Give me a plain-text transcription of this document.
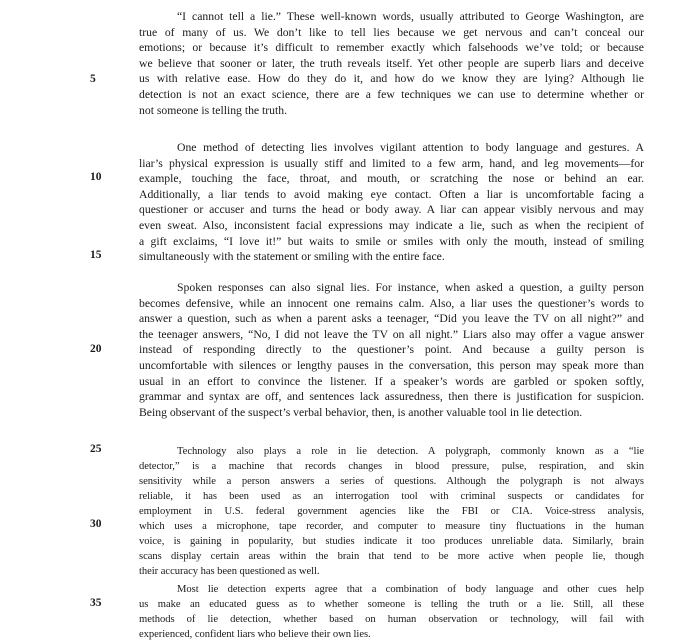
5
10
15
20
25
30
35
“I cannot tell a lie.” These well-known words, usually attributed to George Washington, are
true of many of us. We don’t like to tell lies because we get nervous and can’t conceal our
emotions; or because it’s difficult to remember exactly which falsehoods we’ve told; or because
we believe that sooner or later, the truth reveals itself. Yet other people are superb liars and deceive
us with relative ease. How do they do it, and how do we know they are lying? Although lie
detection is not an exact science, there are a few techniques we can use to determine whether or
not someone is telling the truth.
One method of detecting lies involves vigilant attention to body language and gestures. A
liar’s physical expression is usually stiff and limited to a few arm, hand, and leg movements—for
example, touching the face, throat, and mouth, or scratching the nose or behind an ear.
Additionally, a liar tends to avoid making eye contact. Often a liar is uncomfortable facing a
questioner or accuser and turns the head or body away. A liar can appear visibly nervous and may
even sweat. Also, inconsistent facial expressions may indicate a lie, such as when the recipient of
a gift exclaims, “I love it!” but waits to smile or smiles with only the mouth, instead of smiling
simultaneously with the statement or smiling with the entire face.
Spoken responses can also signal lies. For instance, when asked a question, a guilty person
becomes defensive, while an innocent one remains calm. Also, a liar uses the questioner’s words to
answer a question, such as when a parent asks a teenager, “Did you leave the TV on all night?” and
the teenager answers, “No, I did not leave the TV on all night.” Liars also may offer a vague answer
instead of responding directly to the questioner’s point. And because a guilty person is
uncomfortable with silences or lengthy pauses in the conversation, this person may speak more than
usual in an effort to convince the listener. If a speaker’s words are garbled or spoken softly,
grammar and syntax are off, and sentences lack assuredness, then there is justification for suspicion.
Being observant of the suspect’s verbal behavior, then, is another valuable tool in lie detection.
Technology also plays a role in lie detection. A polygraph, commonly known as a “lie
detector,” is a machine that records changes in blood pressure, pulse, respiration, and skin
sensitivity while a person answers a series of questions. Although the polygraph is not always
reliable, it has been used as an interrogation tool with criminal suspects or candidates for
employment in U.S. federal government agencies like the FBI or CIA. Voice-stress analysis,
which uses a microphone, tape recorder, and computer to measure tiny fluctuations in the human
voice, is gaining in popularity, but studies indicate it too produces unreliable data. Similarly, brain
scans display certain areas within the brain that tend to be more active when people lie, though
their accuracy has been questioned as well.
Most lie detection experts agree that a combination of body language and other cues help
us make an educated guess as to whether someone is telling the truth or a lie. Still, all these
methods of lie detection, whether based on human observation or technology, will fail with
experienced, confident liars who believe their own lies.
